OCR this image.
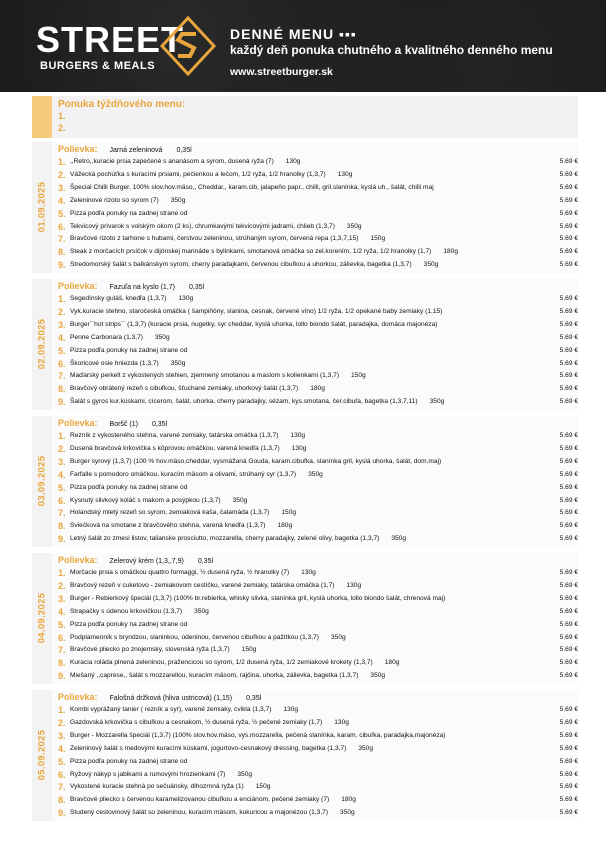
STREET
BURGERS & MEALS
DENNÉ MENU ▪▪▪
každý deň ponuka chutného a kvalitného denného menu
www.streetburger.sk
Ponuka týždňového menu:
1.
2.
01.09.2025
Polievka: Jarná zeleninová 0,35l
1. ,,Retro,,kuracie prsia zapečené s ananásom a syrom, dusená ryža (7) 130g	5.69 €
2. Vážecká pochúťka s kuracími prsiami, pečienkou a lečom, 1/2 ryža, 1/2 hranolky (1,3,7) 130g	5.69 €
3. Špecial Chilli Burger, 100% slov.hov.mäso,, Cheddar,, karam.cib, jalapeňo papr., chilli, gril.slanínka, kyslá uh., šalát, chilli maj	5.69 €
4. Zeleninové rizoto so syrom (7) 350g	5.69 €
5. Pizza podľa ponuky na zadnej strane od	5.69 €
6. Tekvicový prívarok s volským okom (2 ks), chrumkavými tekvicovými jadrami, chlieb (1,3,7) 350g	5.69 €
7. Bravčové rizoto z tarhone s hubami, čerstvou zeleninou, strúhaným syrom, červená repa (1,3,7,15) 150g	5.69 €
8. Steak z morčacích prsíčok v dijónskej marináde s bylinkami, smotanová omáčka so zel.korením, 1/2 ryža, 1/2 hranolky (1,7) 180g	5.69 €
9. Stredomorský šalát s balkánskym syrom, cherry paradajkami, červenou cibuľkou a uhorkou, zálievka, bagetka (1,3,7) 350g	5.69 €
02.09.2025
Polievka: Fazuľa na kyslo (1,7) 0,35l
1. Segedínsky guláš, knedľa (1,3,7) 130g	5.69 €
2. Vyk.kuracie stehno, staročeská omáčka ( šampiňóny, slanina, cesnak, červené víno) 1/2 ryža, 1/2 opekané baby zemiaky (1,15)	5.69 €
3. Burger``hot strips`` (1,3,7) (kuracie prsia, nugetky, syr cheddar, kyslá uhorka, lollo biondo šalát, paradajka, domáca majonéza)	5.69 €
4. Penne Carbonara (1,3,7) 350g	5.69 €
5. Pizza podľa ponuky na zadnej strane od	5.69 €
6. Škoricové osie hniezda (1,3,7) 350g	5.69 €
7. Maďarský perkelt z vykostených stehien, zjemnený smotanou a maslom s kolienkami (1,3,7) 150g	5.69 €
8. Bravčový obrátený rezeň s cibuľkou, šťuchané zemiaky, uhorkový šalát (1,3,7) 180g	5.69 €
9. Šalát s gyros kur.kúskami, cícerom, šalát, uhorka, cherry paradajky, sézam, kys.smotana, čer.cibuľa, bagetka (1,3,7,11) 350g	5.69 €
03.09.2025
Polievka: Boršč (1) 0,35l
1. Rezník z vykosteného stehna, varené zemiaky, tatárska omáčka (1,3,7) 130g	5.69 €
2. Dusená bravčová krkovička s kôprovou omáčkou, varená knedľa (1,3,7) 130g	5.69 €
3. Burger syrový (1,3,7) (100 % hov.mäso,cheddar, vysmážaná Gouda, karam.cibuľka, slanínka gril, kyslá uhorka, šalát, dom.maj)	5.69 €
4. Farfalle s pomodoro omáčkou, kuracím mäsom a olivami, strúhaný syr (1,3,7) 350g	5.69 €
5. Pizza podľa ponuky na zadnej strane od	5.69 €
6. Kysnutý slivkový koláč s makom a posýpkou (1,3,7) 350g	5.69 €
7. Holandský mletý rezeň so syrom, zemiaková kaša, čalamáda (1,3,7) 150g	5.69 €
8. Sviečková na smotane z bravčového stehna, varená knedľa (1,3,7) 180g	5.69 €
9. Letný šalát zo zmesi listov, talianske prosciutto, mozzarella, cherry paradajky, zelené olivy, bagetka (1,3,7) 350g	5.69 €
04.09.2025
Polievka: Zelerový krém (1,3,,7,9) 0,35l
1. Morčacie prsia s omáčkou quattro formaggi, ½ dusená ryža, ½ hranolky (7) 130g	5.69 €
2. Bravčový rezeň v cuketovo - zemiakovom cestíčku, varené zemiaky, tatárska omáčka (1,7) 130g	5.69 €
3. Burger - Rebierkový špeciál (1,3,7) (100% br.rebierka, whisky slivka, slanínka gril, kyslá uhorka, lollo biondo šalát, chrenová maj)	5.69 €
4. Strapačky s údenou krkovičkou (1,3,7) 350g	5.69 €
5. Pizza podľa ponuky na zadnej strane od	5.69 €
6. Podplamenník s bryndzou, slaninkou, údeninou, červenou cibuľkou a pažítkou (1,3,7) 350g	5.69 €
7. Bravčové pliecko po znojemsky, slovenská ryža (1,3,7) 150g	5.69 €
8. Kuracia roláda plnená zeleninou, pražencicou so syrom, 1/2 dusená ryža, 1/2 zemiakové krokety (1,3,7) 180g	5.69 €
9. Miešaný ,,caprese,, šalát s mozzarellou, kuracím mäsom, rajčina, uhorka, zálievka, bagetka (1,3,7) 350g	5.69 €
05.09.2025
Polievka: Falošná držková (hliva ustricová) (1,15) 0,35l
1. Kombi vyprážaný tanier ( rezník a syr), varené zemiaky, cvikla (1,3,7) 130g	5.69 €
2. Gazdovská krkovička s cibuľkou a cesnakom, ½ dusená ryža, ½ pečené zemiaky (1,7) 130g	5.69 €
3. Burger - Mozzarella špeciál (1,3,7) (100% slov.hov.mäso, vys.mozzarella, pečená slanínka, karam. cibuľka, paradajka,majonéza)	5.69 €
4. Zeleninový šalát s medovými kuracími kúskami, jogurtovo-cesnakový dressing, bagetka (1,3,7) 350g	5.69 €
5. Pizza podľa ponuky na zadnej strane od	5.69 €
6. Ryžový nákyp s jablkami a rumovými hrozienkami (7) 350g	5.69 €
7. Vykostené kuracie stehná po sečuánsky, dlhozrnná ryža (1) 150g	5.69 €
8. Bravčové pliecko s červenou karamelizovanou cibuľkou a enciánom, pečené zemiaky (7) 180g	5.69 €
9. Studený cestovinový šalát so zeleninou, kuracím mäsom, kukuricou a majonézou (1,3,7) 350g	5.69 €
